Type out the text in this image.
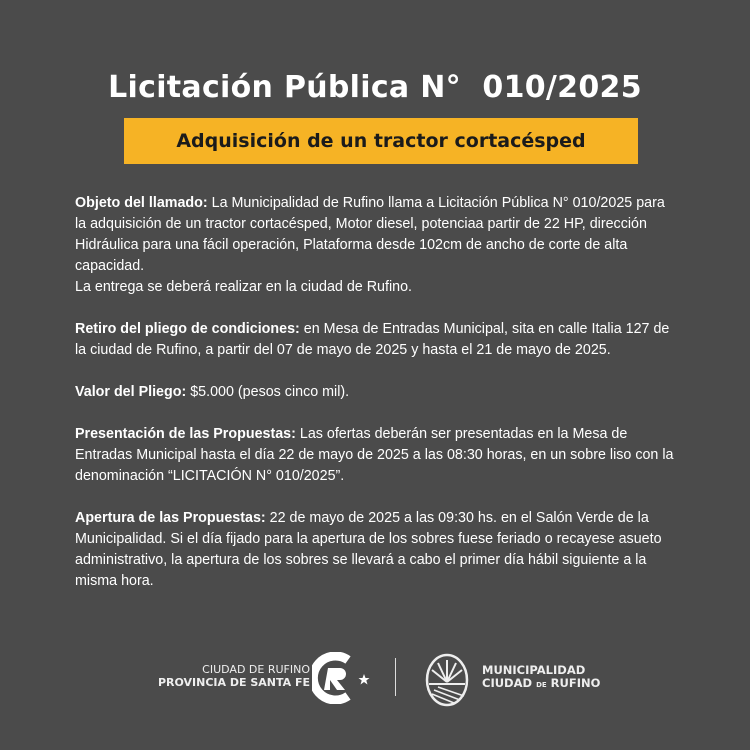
Licitación Pública N°  010/2025
Adquisición de un tractor cortacésped

Objeto del llamado: La Municipalidad de Rufino llama a Licitación Pública N° 010/2025 para la adquisición de un tractor cortacésped, Motor diesel, potenciaa partir de 22 HP, dirección Hidráulica para una fácil operación, Plataforma desde 102cm de ancho de corte de alta capacidad.
La entrega se deberá realizar en la ciudad de Rufino.

Retiro del pliego de condiciones: en Mesa de Entradas Municipal, sita en calle Italia 127 de la ciudad de Rufino, a partir del 07 de mayo de 2025 y hasta el 21 de mayo de 2025.

Valor del Pliego: $5.000 (pesos cinco mil).

Presentación de las Propuestas: Las ofertas deberán ser presentadas en la Mesa de Entradas Municipal hasta el día 22 de mayo de 2025 a las 08:30 horas, en un sobre liso con la denominación “LICITACIÓN N° 010/2025”.

Apertura de las Propuestas: 22 de mayo de 2025 a las 09:30 hs. en el Salón Verde de la Municipalidad. Si el día fijado para la apertura de los sobres fuese feriado o recayese asueto administrativo, la apertura de los sobres se llevará a cabo el primer día hábil siguiente a la misma hora.

CIUDAD DE RUFINO
PROVINCIA DE SANTA FE
MUNICIPALIDAD
CIUDAD DE RUFINO
